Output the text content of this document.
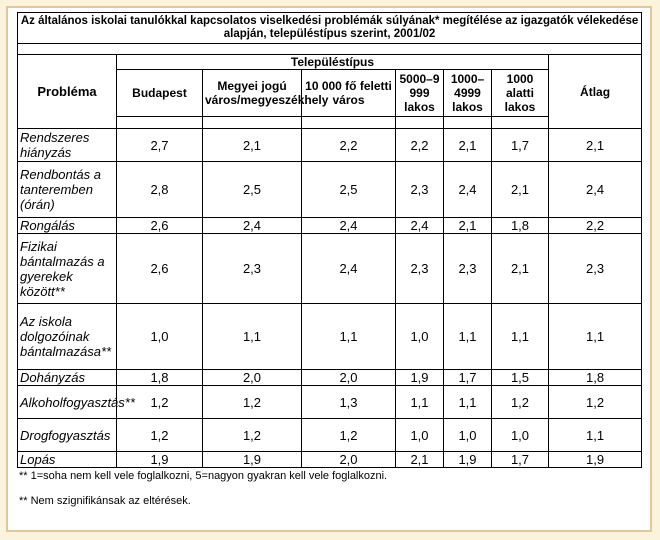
Az általános iskolai tanulókkal kapcsolatos viselkedési problémák súlyának* megítélése az igazgatók vélekedése alapján, településtípus szerint, 2001/02							

Probléma	Településtípus						Átlag
	Budapest	Megyei jogú város/megyeszékhely	10 000 fő feletti város	5000–9 999 lakos	1000–4999 lakos	1000 alatti lakos	

Rendszeres hiányzás	2,7	2,1	2,2	2,2	2,1	1,7	2,1
Rendbontás a tanteremben (órán)	2,8	2,5	2,5	2,3	2,4	2,1	2,4
Rongálás	2,6	2,4	2,4	2,4	2,1	1,8	2,2
Fizikai bántalmazás a gyerekek között**	2,6	2,3	2,4	2,3	2,3	2,1	2,3
Az iskola dolgozóinak bántalmazása**	1,0	1,1	1,1	1,0	1,1	1,1	1,1
Dohányzás	1,8	2,0	2,0	1,9	1,7	1,5	1,8
Alkoholfogyasztás**	1,2	1,2	1,3	1,1	1,1	1,2	1,2
Drogfogyasztás	1,2	1,2	1,2	1,0	1,0	1,0	1,1
Lopás	1,9	1,9	2,0	2,1	1,9	1,7	1,9
** 1=soha nem kell vele foglalkozni, 5=nagyon gyakran kell vele foglalkozni.
** Nem szignifikánsak az eltérések.
